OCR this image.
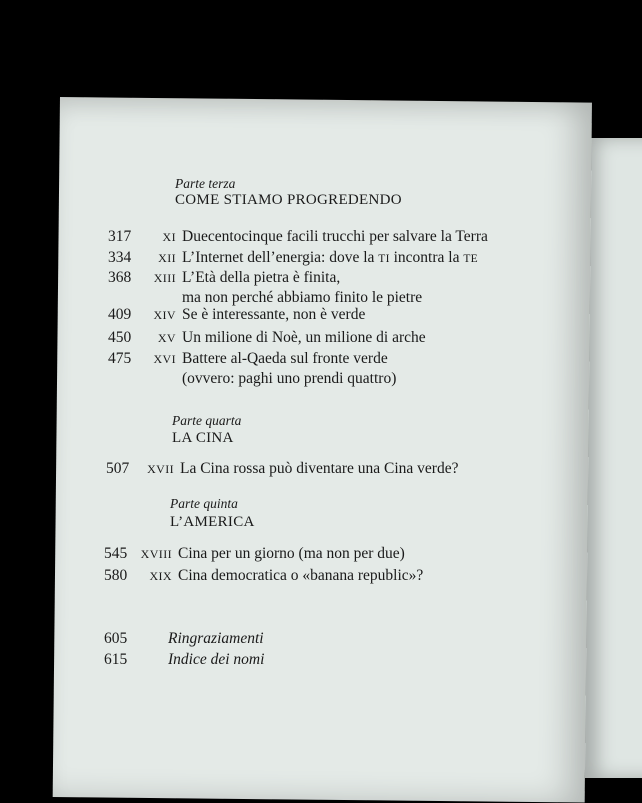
Parte terza
COME STIAMO PROGREDENDO
317	XI Duecentocinque facili trucchi per salvare la Terra
334	XII L’Internet dell’energia: dove la TI incontra la TE
368	XIII L’Età della pietra è finita,
ma non perché abbiamo finito le pietre
409	XIV Se è interessante, non è verde
450	XV Un milione di Noè, un milione di arche
475	XVI Battere al-Qaeda sul fronte verde
(ovvero: paghi uno prendi quattro)
Parte quarta
LA CINA
507	XVII La Cina rossa può diventare una Cina verde?
Parte quinta
L’AMERICA
545	XVIII Cina per un giorno (ma non per due)
580	XIX Cina democratica o «banana republic»?
605	Ringraziamenti
615	Indice dei nomi
